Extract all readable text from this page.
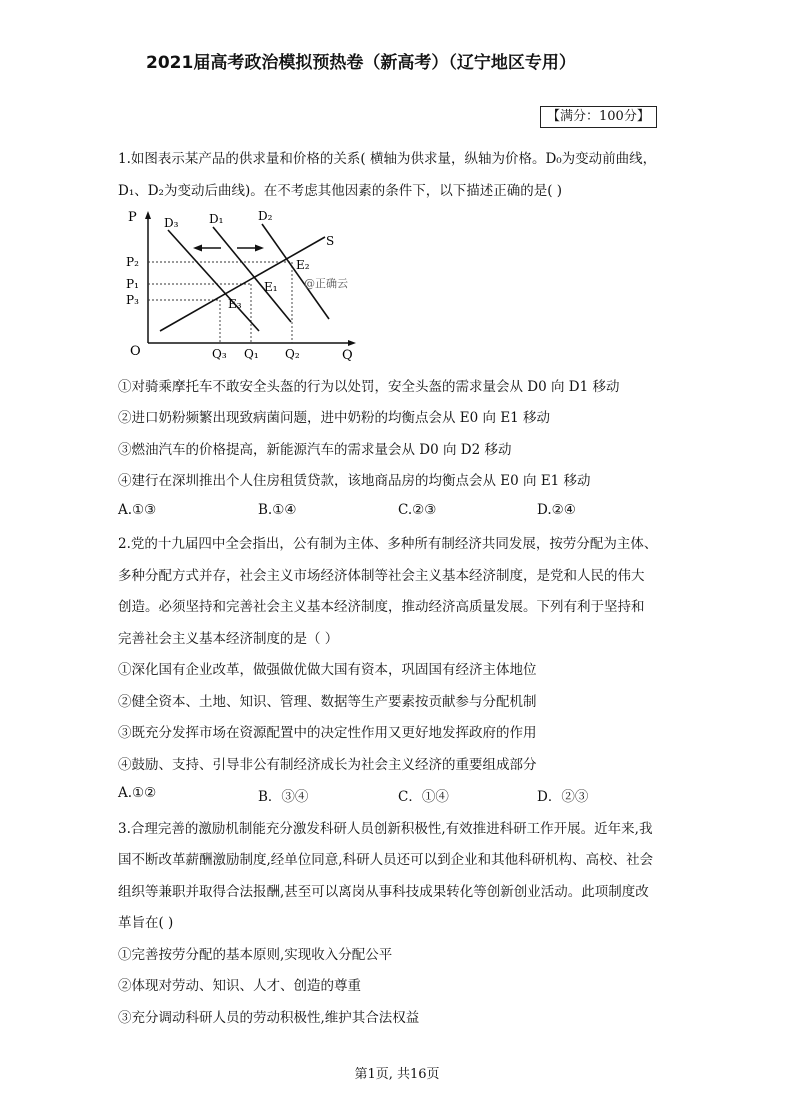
2021届高考政治模拟预热卷（新高考）（辽宁地区专用）
【满分：100分】
1.如图表示某产品的供求量和价格的关系( 横轴为供求量，纵轴为价格。D₀为变动前曲线，
D₁、D₂为变动后曲线)。在不考虑其他因素的条件下，以下描述正确的是( )
P
Q
O
D₃	D₁	D₂
S
E₂
E₁
E₃
P₂
P₁
P₃
Q₃ Q₁ Q₂
@正确云
①对骑乘摩托车不敢安全头盔的行为以处罚，安全头盔的需求量会从 D0 向 D1 移动
②进口奶粉频繁出现致病菌问题，进中奶粉的均衡点会从 E0 向 E1 移动
③燃油汽车的价格提高，新能源汽车的需求量会从 D0 向 D2 移动
④建行在深圳推出个人住房租赁贷款，该地商品房的均衡点会从 E0 向 E1 移动
A.①③	B.①④	C.②③	D.②④
2.党的十九届四中全会指出，公有制为主体、多种所有制经济共同发展，按劳分配为主体、
多种分配方式并存，社会主义市场经济体制等社会主义基本经济制度，是党和人民的伟大
创造。必须坚持和完善社会主义基本经济制度，推动经济高质量发展。下列有利于坚持和
完善社会主义基本经济制度的是（ ）
①深化国有企业改革，做强做优做大国有资本，巩固国有经济主体地位
②健全资本、土地、知识、管理、数据等生产要素按贡献参与分配机制
③既充分发挥市场在资源配置中的决定性作用又更好地发挥政府的作用
④鼓励、支持、引导非公有制经济成长为社会主义经济的重要组成部分
A.①②	B．③④	C．①④	D．②③
3.合理完善的激励机制能充分激发科研人员创新积极性,有效推进科研工作开展。近年来,我
国不断改革薪酬激励制度,经单位同意,科研人员还可以到企业和其他科研机构、高校、社会
组织等兼职并取得合法报酬,甚至可以离岗从事科技成果转化等创新创业活动。此项制度改
革旨在( )
①完善按劳分配的基本原则,实现收入分配公平
②体现对劳动、知识、人才、创造的尊重
③充分调动科研人员的劳动积极性,维护其合法权益
第1页, 共16页
